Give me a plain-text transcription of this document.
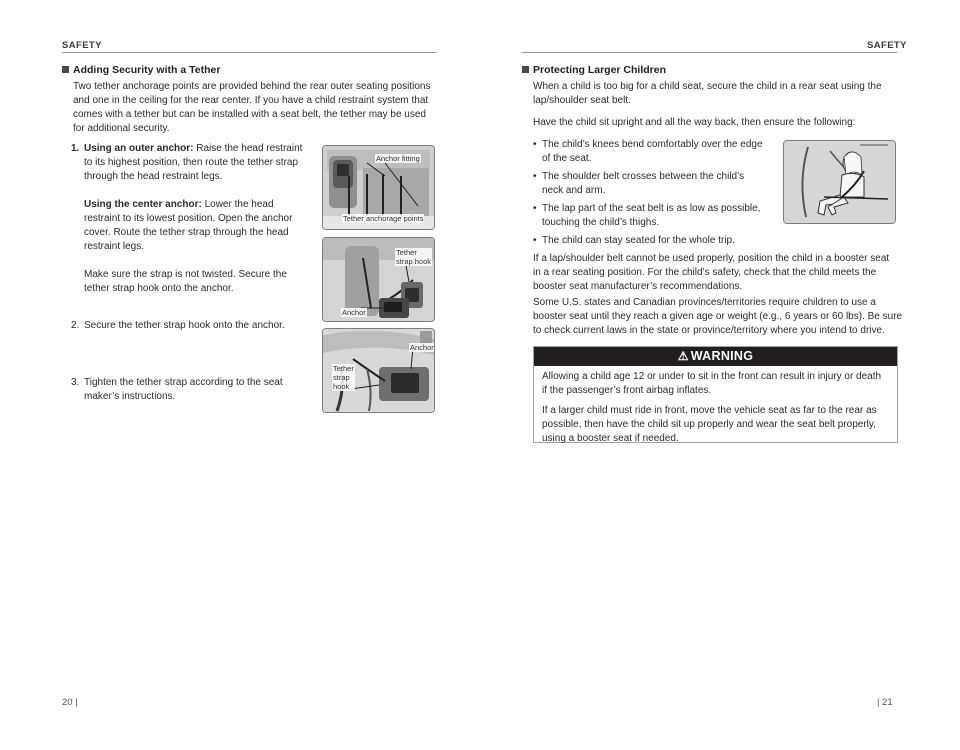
SAFETY
Adding Security with a Tether
Two tether anchorage points are provided behind the rear outer seating positions
and one in the ceiling for the rear center. If you have a child restraint system that
comes with a tether but can be installed with a seat belt, the tether may be used
for additional security.
1. Using an outer anchor: Raise the head restraint
to its highest position, then route the tether strap
through the head restraint legs.
Using the center anchor: Lower the head
restraint to its lowest position. Open the anchor
cover. Route the tether strap through the head
restraint legs.
Make sure the strap is not twisted. Secure the
tether strap hook onto the anchor.
2. Secure the tether strap hook onto the anchor.
3. Tighten the tether strap according to the seat
maker’s instructions.
Anchor fitting
Tether anchorage points
Tether
strap hook
Anchor
Anchor
Tether
strap
hook
20 |
SAFETY
Protecting Larger Children
When a child is too big for a child seat, secure the child in a rear seat using the
lap/shoulder seat belt.
Have the child sit upright and all the way back, then ensure the following:
• The child’s knees bend comfortably over the edge
of the seat.
• The shoulder belt crosses between the child’s
neck and arm.
• The lap part of the seat belt is as low as possible,
touching the child’s thighs.
• The child can stay seated for the whole trip.
If a lap/shoulder belt cannot be used properly, position the child in a booster seat
in a rear seating position. For the child’s safety, check that the child meets the
booster seat manufacturer’s recommendations.
Some U.S. states and Canadian provinces/territories require children to use a
booster seat until they reach a given age or weight (e.g., 6 years or 60 lbs). Be sure
to check current laws in the state or province/territory where you intend to drive.
⚠ WARNING

Allowing a child age 12 or under to sit in the front can result in injury or death
if the passenger’s front airbag inflates.

If a larger child must ride in front, move the vehicle seat as far to the rear as
possible, then have the child sit up properly and wear the seat belt properly,
using a booster seat if needed.

| 21
